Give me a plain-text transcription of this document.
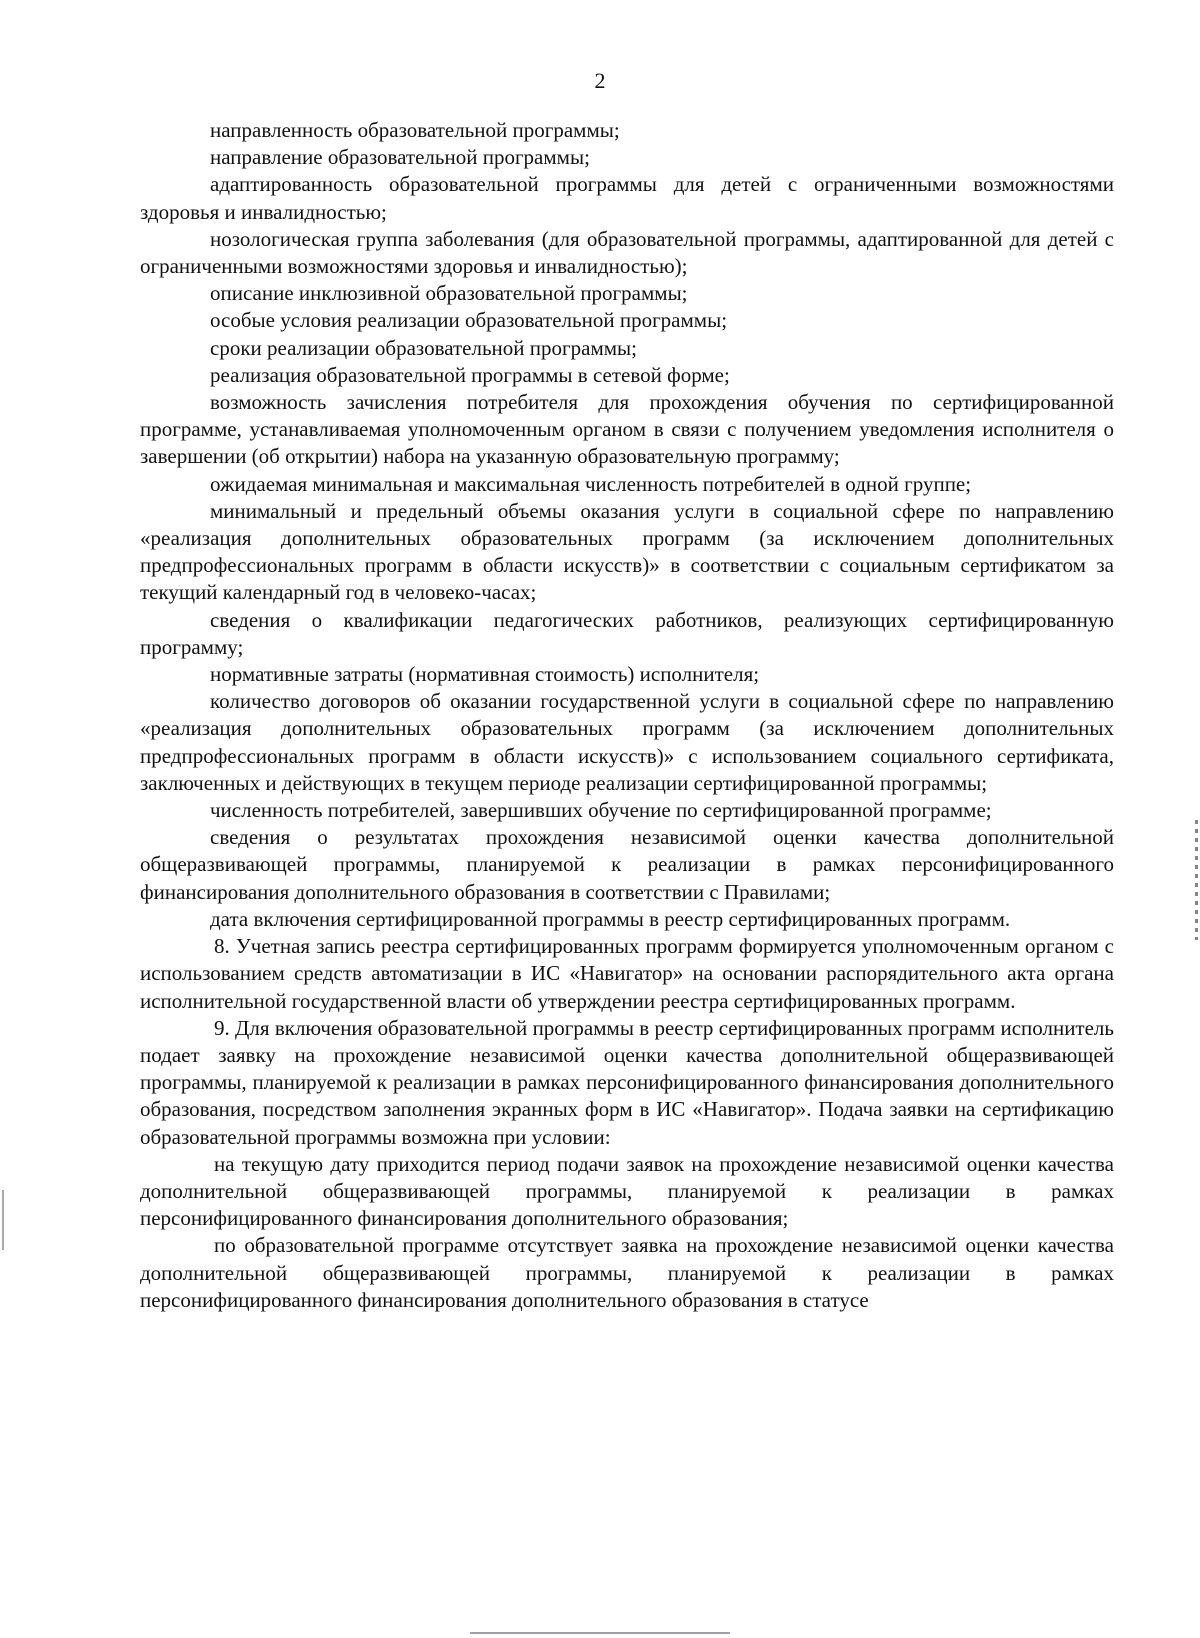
2

направленность образовательной программы;

направление образовательной программы;

адаптированность образовательной программы для детей с ограниченными возможностями здоровья и инвалидностью;

нозологическая группа заболевания (для образовательной программы, адаптированной для детей с ограниченными возможностями здоровья и инвалидностью);

описание инклюзивной образовательной программы;

особые условия реализации образовательной программы;

сроки реализации образовательной программы;

реализация образовательной программы в сетевой форме;

возможность зачисления потребителя для прохождения обучения по сертифицированной программе, устанавливаемая уполномоченным органом в связи с получением уведомления исполнителя о завершении (об открытии) набора на указанную образовательную программу;

ожидаемая минимальная и максимальная численность потребителей в одной группе;

минимальный и предельный объемы оказания услуги в социальной сфере по направлению «реализация дополнительных образовательных программ (за исключением дополнительных предпрофессиональных программ в области искусств)» в соответствии с социальным сертификатом за текущий календарный год в человеко-часах;

сведения о квалификации педагогических работников, реализующих сертифицированную программу;

нормативные затраты (нормативная стоимость) исполнителя;

количество договоров об оказании государственной услуги в социальной сфере по направлению «реализация дополнительных образовательных программ (за исключением дополнительных предпрофессиональных программ в области искусств)» с использованием социального сертификата, заключенных и действующих в текущем периоде реализации сертифицированной программы;

численность потребителей, завершивших обучение по сертифицированной программе;

сведения о результатах прохождения независимой оценки качества дополнительной общеразвивающей программы, планируемой к реализации в рамках персонифицированного финансирования дополнительного образования в соответствии с Правилами;

дата включения сертифицированной программы в реестр сертифицированных программ.

8. Учетная запись реестра сертифицированных программ формируется уполномоченным органом с использованием средств автоматизации в ИС «Навигатор» на основании распорядительного акта органа исполнительной государственной власти об утверждении реестра сертифицированных программ.

9. Для включения образовательной программы в реестр сертифицированных программ исполнитель подает заявку на прохождение независимой оценки качества дополнительной общеразвивающей программы, планируемой к реализации в рамках персонифицированного финансирования дополнительного образования, посредством заполнения экранных форм в ИС «Навигатор». Подача заявки на сертификацию образовательной программы возможна при условии:

на текущую дату приходится период подачи заявок на прохождение независимой оценки качества дополнительной общеразвивающей программы, планируемой к реализации в рамках персонифицированного финансирования дополнительного образования;

по образовательной программе отсутствует заявка на прохождение независимой оценки качества дополнительной общеразвивающей программы, планируемой к реализации в рамках персонифицированного финансирования дополнительного образования в статусе
